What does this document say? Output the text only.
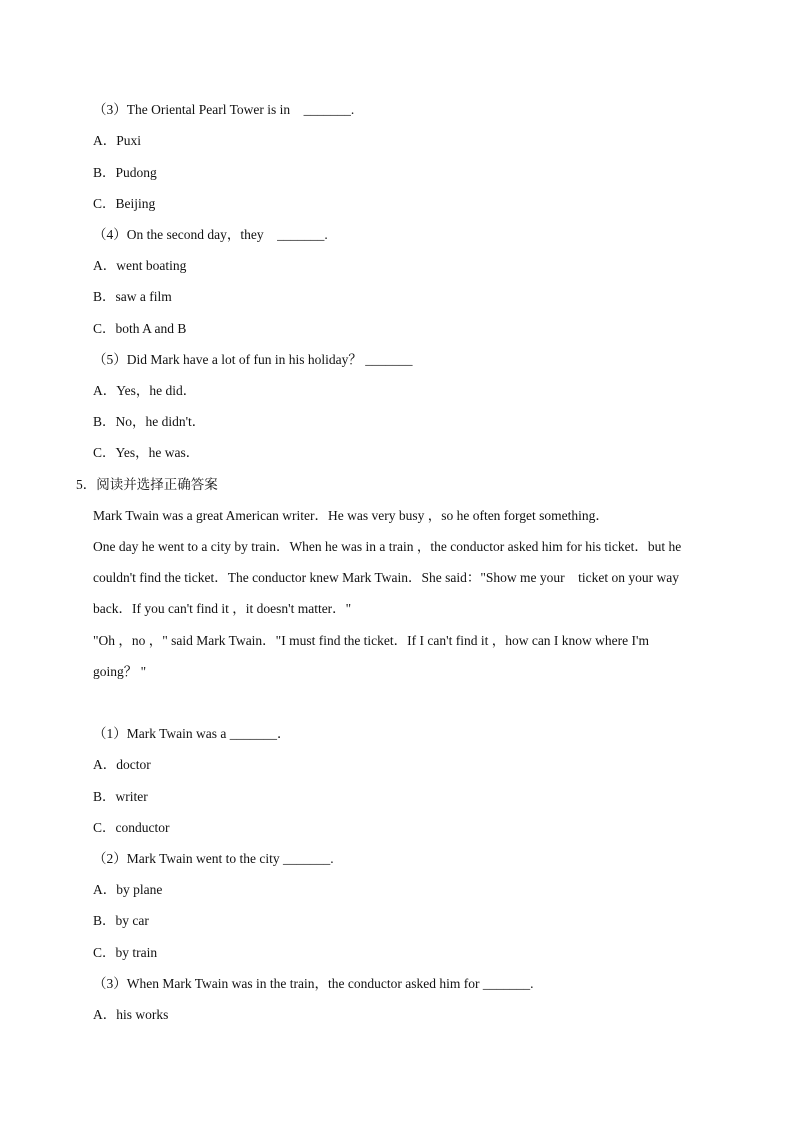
（3）The Oriental Pearl Tower is in　_______.
A．Puxi
B．Pudong
C．Beijing
（4）On the second day，they　_______.
A．went boating
B．saw a film
C．both A and B
（5）Did Mark have a lot of fun in his holiday？ _______
A．Yes，he did．
B．No，he didn't．
C．Yes，he was．
5．阅读并选择正确答案
Mark Twain was a great American writer．He was very busy ，so he often forget something．
One day he went to a city by train．When he was in a train ，the conductor asked him for his ticket．but he
couldn't find the ticket．The conductor knew Mark Twain．She said："Show me your　ticket on your way
back．If you can't find it ，it doesn't matter．"
"Oh ，no ，" said Mark Twain．"I must find the ticket．If I can't find it ，how can I know where I'm
going？ "
（1）Mark Twain was a _______．
A．doctor
B．writer
C．conductor
（2）Mark Twain went to the city _______.
A．by plane
B．by car
C．by train
（3）When Mark Twain was in the train，the conductor asked him for _______.
A．his works
